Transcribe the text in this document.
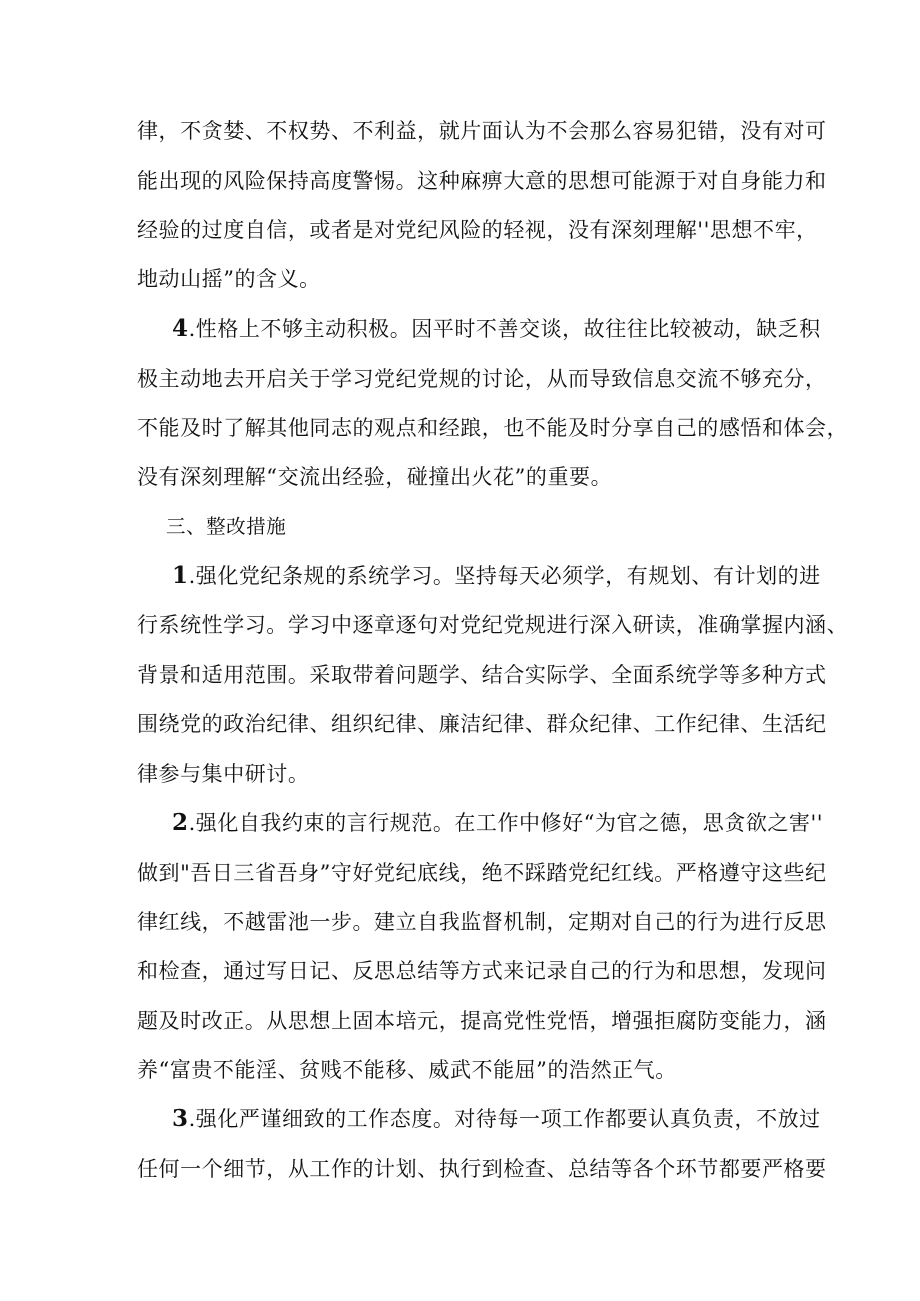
律，不贪婪、不权势、不利益，就片面认为不会那么容易犯错，没有对可
能出现的风险保持高度警惕。这种麻痹大意的思想可能源于对自身能力和
经验的过度自信，或者是对党纪风险的轻视，没有深刻理解''思想不牢，
地动山摇”的含义。
4.性格上不够主动积极。因平时不善交谈，故往往比较被动，缺乏积
极主动地去开启关于学习党纪党规的讨论，从而导致信息交流不够充分，
不能及时了解其他同志的观点和经踉，也不能及时分享自己的感悟和体会，
没有深刻理解“交流出经验，碰撞出火花”的重要。
三、整改措施
1.强化党纪条规的系统学习。坚持每天必须学，有规划、有计划的进
行系统性学习。学习中逐章逐句对党纪党规进行深入研读，准确掌握内涵、
背景和适用范围。采取带着问题学、结合实际学、全面系统学等多种方式
围绕党的政治纪律、组织纪律、廉洁纪律、群众纪律、工作纪律、生活纪
律参与集中研讨。
2.强化自我约束的言行规范。在工作中修好“为官之德，思贪欲之害''
做到"吾日三省吾身”守好党纪底线，绝不踩踏党纪红线。严格遵守这些纪
律红线，不越雷池一步。建立自我监督机制，定期对自己的行为进行反思
和检查，通过写日记、反思总结等方式来记录自己的行为和思想，发现问
题及时改正。从思想上固本培元，提高党性党悟，增强拒腐防变能力，涵
养“富贵不能淫、贫贱不能移、威武不能屈”的浩然正气。
3.强化严谨细致的工作态度。对待每一项工作都要认真负责，不放过
任何一个细节，从工作的计划、执行到检查、总结等各个环节都要严格要
